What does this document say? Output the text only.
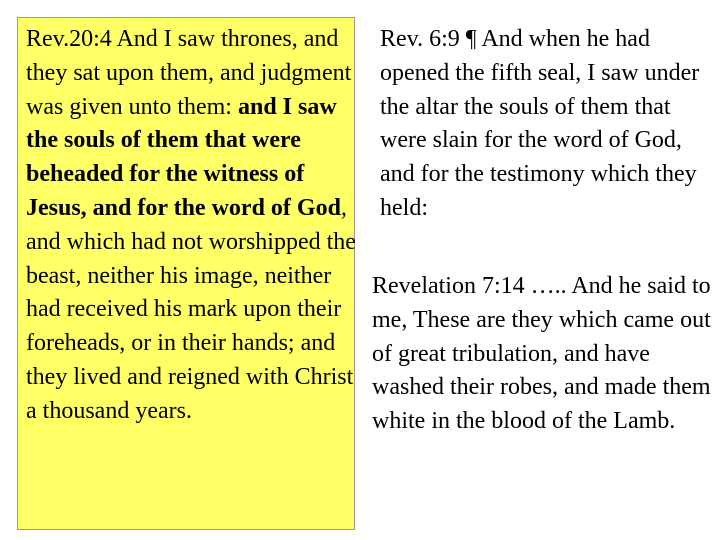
Rev.20:4 And I saw thrones, and they sat upon them, and judgment was given unto them: and I saw the souls of them that were beheaded for the witness of Jesus, and for the word of God, and which had not worshipped the beast, neither his image, neither had received his mark upon their foreheads, or in their hands; and they lived and reigned with Christ a thousand years.
Rev. 6:9 ¶ And when he had opened the fifth seal, I saw under the altar the souls of them that were slain for the word of God, and for the testimony which they held:
Revelation 7:14 ….. And he said to me, These are they which came out of great tribulation, and have washed their robes, and made them white in the blood of the Lamb.
